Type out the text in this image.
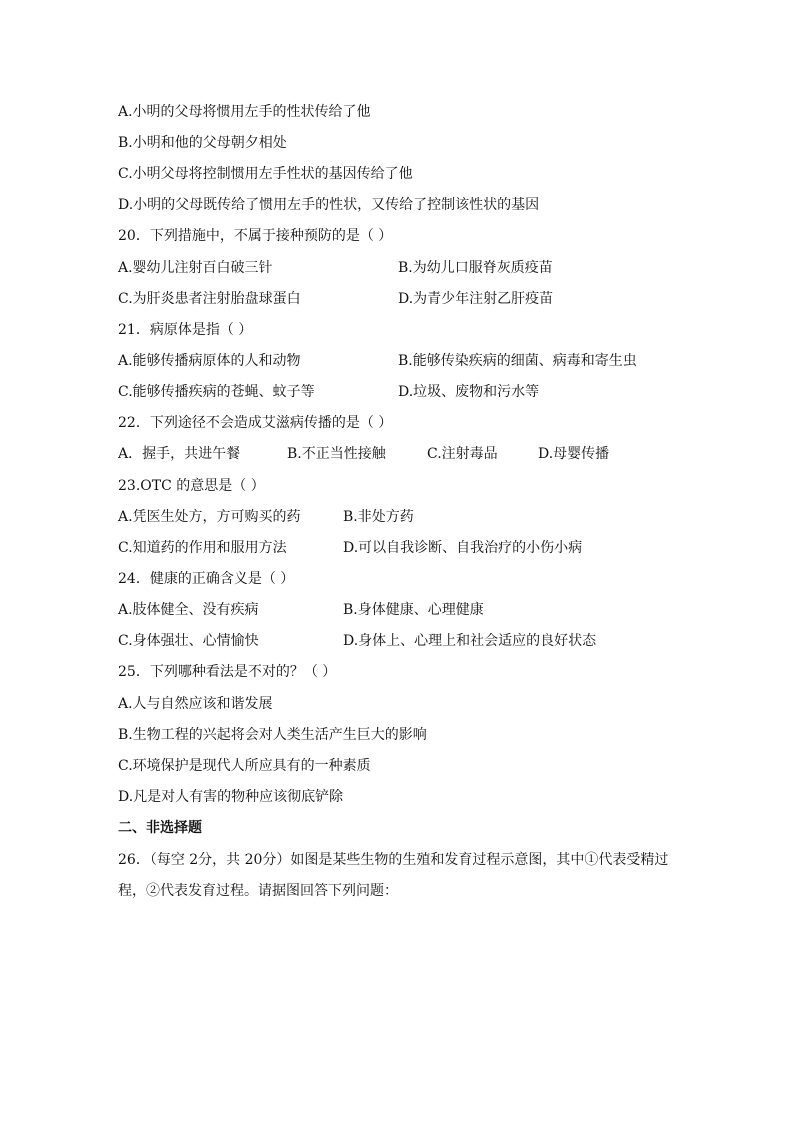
A.小明的父母将惯用左手的性状传给了他
B.小明和他的父母朝夕相处
C.小明父母将控制惯用左手性状的基因传给了他
D.小明的父母既传给了惯用左手的性状，又传给了控制该性状的基因
20．下列措施中，不属于接种预防的是（ ）
A.婴幼儿注射百白破三针	B.为幼儿口服脊灰质疫苗
C.为肝炎患者注射胎盘球蛋白	D.为青少年注射乙肝疫苗
21．病原体是指（ ）
A.能够传播病原体的人和动物	B.能够传染疾病的细菌、病毒和寄生虫
C.能够传播疾病的苍蝇、蚊子等	D.垃圾、废物和污水等
22．下列途径不会造成艾滋病传播的是（ ）
A．握手，共进午餐	B.不正当性接触	C.注射毒品	D.母婴传播
23.OTC 的意思是（ ）
A.凭医生处方，方可购买的药	B.非处方药
C.知道药的作用和服用方法	D.可以自我诊断、自我治疗的小伤小病
24．健康的正确含义是（ ）
A.肢体健全、没有疾病	B.身体健康、心理健康
C.身体强壮、心情愉快	D.身体上、心理上和社会适应的良好状态
25．下列哪种看法是不对的？（ ）
A.人与自然应该和谐发展
B.生物工程的兴起将会对人类生活产生巨大的影响
C.环境保护是现代人所应具有的一种素质
D.凡是对人有害的物种应该彻底铲除
二、非选择题
26．（每空 2分，共 20分）如图是某些生物的生殖和发育过程示意图，其中①代表受精过程，②代表发育过程。请据图回答下列问题：
